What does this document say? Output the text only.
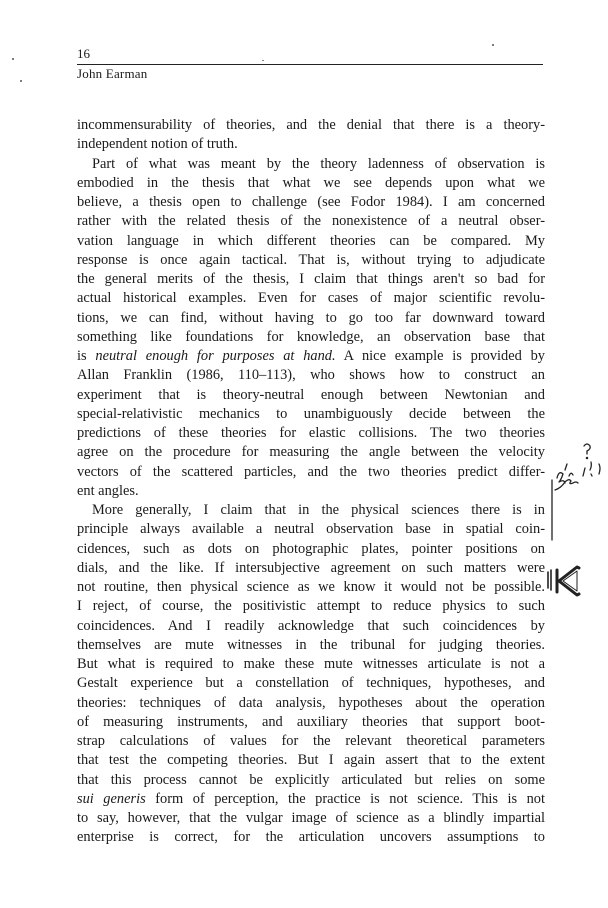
16
John Earman
incommensurability of theories, and the denial that there is a theory-
independent notion of truth.
Part of what was meant by the theory ladenness of observation is
embodied in the thesis that what we see depends upon what we
believe, a thesis open to challenge (see Fodor 1984). I am concerned
rather with the related thesis of the nonexistence of a neutral obser-
vation language in which different theories can be compared. My
response is once again tactical. That is, without trying to adjudicate
the general merits of the thesis, I claim that things aren't so bad for
actual historical examples. Even for cases of major scientific revolu-
tions, we can find, without having to go too far downward toward
something like foundations for knowledge, an observation base that
is neutral enough for purposes at hand. A nice example is provided by
Allan Franklin (1986, 110–113), who shows how to construct an
experiment that is theory-neutral enough between Newtonian and
special-relativistic mechanics to unambiguously decide between the
predictions of these theories for elastic collisions. The two theories
agree on the procedure for measuring the angle between the velocity
vectors of the scattered particles, and the two theories predict differ-
ent angles.
More generally, I claim that in the physical sciences there is in
principle always available a neutral observation base in spatial coin-
cidences, such as dots on photographic plates, pointer positions on
dials, and the like. If intersubjective agreement on such matters were
not routine, then physical science as we know it would not be possible.
I reject, of course, the positivistic attempt to reduce physics to such
coincidences. And I readily acknowledge that such coincidences by
themselves are mute witnesses in the tribunal for judging theories.
But what is required to make these mute witnesses articulate is not a
Gestalt experience but a constellation of techniques, hypotheses, and
theories: techniques of data analysis, hypotheses about the operation
of measuring instruments, and auxiliary theories that support boot-
strap calculations of values for the relevant theoretical parameters
that test the competing theories. But I again assert that to the extent
that this process cannot be explicitly articulated but relies on some
sui generis form of perception, the practice is not science. This is not
to say, however, that the vulgar image of science as a blindly impartial
enterprise is correct, for the articulation uncovers assumptions to
